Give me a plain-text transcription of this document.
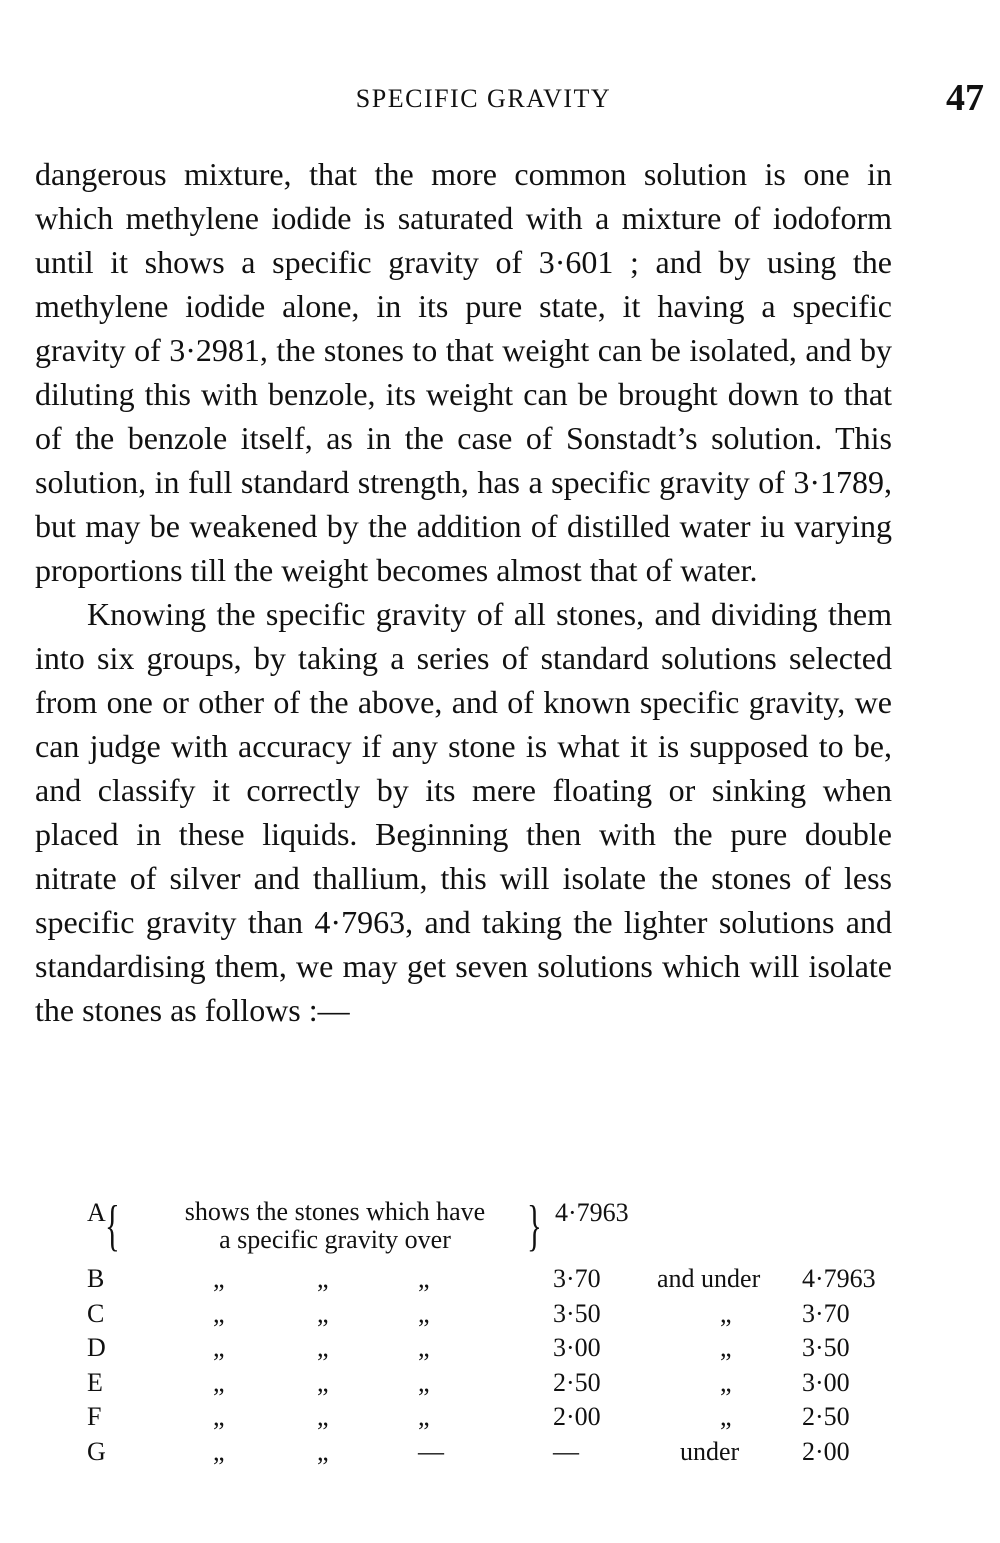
SPECIFIC GRAVITY	47

dangerous mixture, that the more common solution is one in which methylene iodide is saturated with a mixture of iodoform until it shows a specific gravity of 3·601 ; and by using the methylene iodide alone, in its pure state, it having a specific gravity of 3·2981, the stones to that weight can be isolated, and by diluting this with benzole, its weight can be brought down to that of the benzole itself, as in the case of Sonstadt’s solution. This solution, in full standard strength, has a specific gravity of 3·1789, but may be weakened by the addition of distilled water iu varying proportions till the weight becomes almost that of water.

Knowing the specific gravity of all stones, and dividing them into six groups, by taking a series of standard solutions selected from one or other of the above, and of known specific gravity, we can judge with accuracy if any stone is what it is supposed to be, and classify it correctly by its mere floating or sinking when placed in these liquids. Beginning then with the pure double nitrate of silver and thallium, this will isolate the stones of less specific gravity than 4·7963, and taking the lighter solutions and standardising them, we may get seven solutions which will isolate the stones as follows :—

A {	shows the stones which have
a specific gravity over	} 4·7963
B	„	„	„	3·70 and under 4·7963
C	„	„	„	3·50	„	3·70
D	„	„	„	3·00	„	3·50
E	„	„	„	2·50	„	3·00
F	„	„	„	2·00	„	2·50
G	„	„	—	—	under 2·00
